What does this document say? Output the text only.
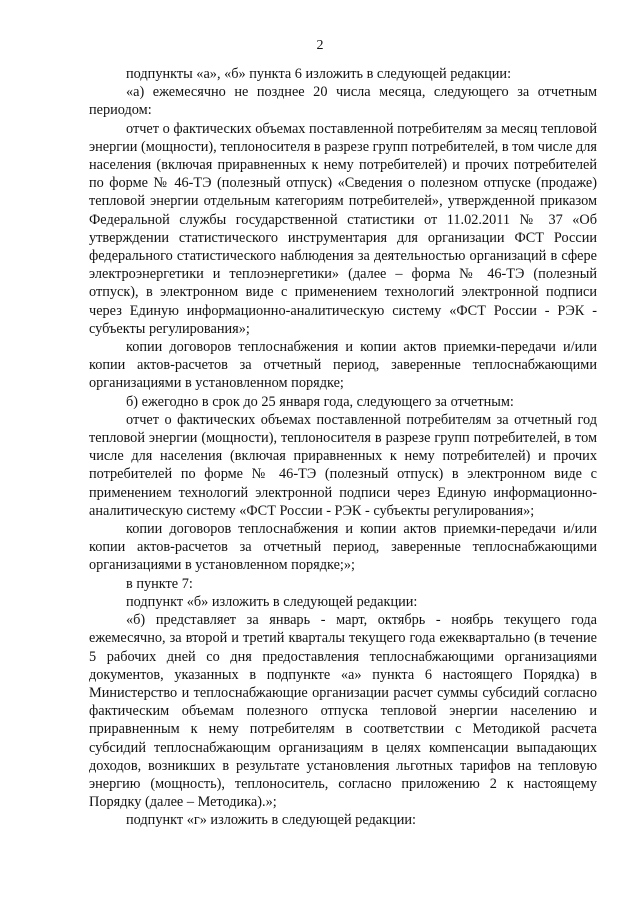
2

подпункты «а», «б» пункта 6 изложить в следующей редакции:

«а) ежемесячно не позднее 20 числа месяца, следующего за отчетным периодом:

отчет о фактических объемах поставленной потребителям за месяц тепловой энергии (мощности), теплоносителя в разрезе групп потребителей, в том числе для населения (включая приравненных к нему потребителей) и прочих потребителей по форме № 46-ТЭ (полезный отпуск) «Сведения о полезном отпуске (продаже) тепловой энергии отдельным категориям потребителей», утвержденной приказом Федеральной службы государственной статистики от 11.02.2011 № 37 «Об утверждении статистического инструментария для организации ФСТ России федерального статистического наблюдения за деятельностью организаций в сфере электроэнергетики и теплоэнергетики» (далее – форма № 46-ТЭ (полезный отпуск), в электронном виде с применением технологий электронной подписи через Единую информационно-аналитическую систему «ФСТ России - РЭК - субъекты регулирования»;

копии договоров теплоснабжения и копии актов приемки-передачи и/или копии актов-расчетов за отчетный период, заверенные теплоснабжающими организациями в установленном порядке;

б) ежегодно в срок до 25 января года, следующего за отчетным:

отчет о фактических объемах поставленной потребителям за отчетный год тепловой энергии (мощности), теплоносителя в разрезе групп потребителей, в том числе для населения (включая приравненных к нему потребителей) и прочих потребителей по форме № 46-ТЭ (полезный отпуск) в электронном виде с применением технологий электронной подписи через Единую информационно-аналитическую систему «ФСТ России - РЭК - субъекты регулирования»;

копии договоров теплоснабжения и копии актов приемки-передачи и/или копии актов-расчетов за отчетный период, заверенные теплоснабжающими организациями в установленном порядке;»;

в пункте 7:

подпункт «б» изложить в следующей редакции:

«б) представляет за январь - март, октябрь - ноябрь текущего года ежемесячно, за второй и третий кварталы текущего года ежеквартально (в течение 5 рабочих дней со дня предоставления теплоснабжающими организациями документов, указанных в подпункте «а» пункта 6 настоящего Порядка) в Министерство и теплоснабжающие организации расчет суммы субсидий согласно фактическим объемам полезного отпуска тепловой энергии населению и приравненным к нему потребителям в соответствии с Методикой расчета субсидий теплоснабжающим организациям в целях компенсации выпадающих доходов, возникших в результате установления льготных тарифов на тепловую энергию (мощность), теплоноситель, согласно приложению 2 к настоящему Порядку (далее – Методика).»;

подпункт «г» изложить в следующей редакции:
